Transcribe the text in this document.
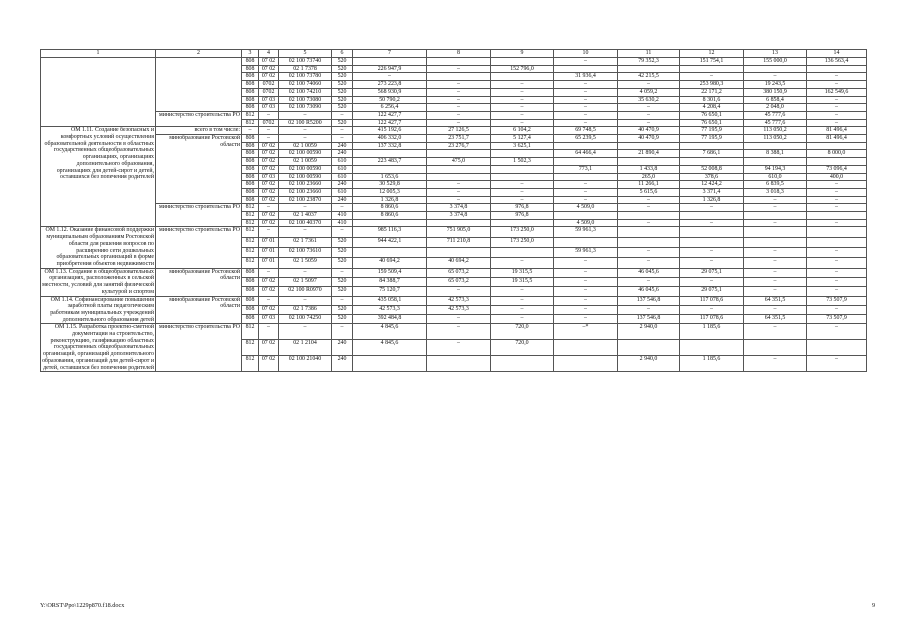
1	2	3	4	5	6	7	8	9	10	11	12	13	14
		808	07 02	02 100 73740	520				–	79 352,3	151 754,1	155 000,0	136 563,4
		808	07 02	02 1 7378	520	226 947,9	–	152 796,0					
		808	07 02	02 100 73780	520	–			31 936,4	42 215,5	–	–	–
		808	0702	02 100 74060	520	273 223,8	–	–	–	–	253 980,3	19 243,5	–
		808	0702	02 100 74210	520	568 930,9	–	–	–	4 059,2	22 171,2	380 150,9	162 549,6
		808	07 03	02 100 73080	520	50 790,2	–	–	–	35 630,2	8 301,6	6 858,4	–
		808	07 03	02 100 73090	520	6 256,4	–	–	–	–	4 208,4	2 048,0	–
	министерство строительства РО	812	–	–	–	122 427,7	–	–	–	–	76 650,1	45 777,6	–
		812	0702	02 100 R5200	520	122 427,7	–	–	–	–	76 650,1	45 777,6	–
ОМ 1.11. Создание безопасных и комфортных условий осуществления образовательной деятельности в областных государственных общеобразовательных организациях, организациях дополнительного образования, организациях для детей-сирот и детей, оставшихся без попечения родителей	всего в том числе:	–	–	–	–	415 192,6	27 126,5	6 104,2	69 748,5	40 470,9	77 195,9	113 050,2	81 496,4
	минобразование Ростовской области	808	–	–	–	406 332,0	23 751,7	5 127,4	65 239,5	40 470,9	77 195,9	113 050,2	81 496,4
		808	07 02	02 1 0059	240	137 332,8	23 276,7	3 625,1					
		808	07 02	02 100 00590	240				64 466,4	21 890,4	7 686,1	8 388,1	8 000,0
		808	07 02	02 1 0059	610	223 483,7	475,0	1 502,3					
		808	07 02	02 100 00590	610				773,1	1 433,8	52 008,8	94 194,3	73 096,4
		808	07 03	02 100 00590	610	1 653,6				265,0	378,6	610,0	400,0
		808	07 02	02 100 23660	240	30 529,8	–	–	–	11 266,1	12 424,2	6 839,5	–
		808	07 02	02 100 23660	610	12 005,3	–	–	–	5 615,6	3 371,4	3 018,3	–
		808	07 02	02 100 23870	240	1 326,8	–	–	–	–	1 326,8	–	–
	министерство строительства РО	812	–	–	–	8 860,6	3 374,8	976,8	4 509,0	–	–	–	–
		812	07 02	02 1 4037	410	8 860,6	3 374,8	976,8					
		812	07 02	02 100 40370	410				4 509,0	–	–	–	–
ОМ 1.12. Оказание финансовой поддержки муниципальным образованиям Ростовской области для решения вопросов по расширению сети дошкольных образовательных организаций в форме приобретения объектов недвижимости	министерство строительства РО	812	–	–	–	985 116,3	751 905,0	173 250,0	59 961,3				
		812	07 01	02 1 7361	520	944 422,1	711 210,8	173 250,0					
		812	07 01	02 100 73610	520				59 961,3	–	–	–	–
		812	07 01	02 1 5059	520	40 694,2	40 694,2	–	–	–	–	–	–
ОМ 1.13. Создание в общеобразовательных организациях, расположенных в сельской местности, условий для занятий физической культурой и спортом	минобразование Ростовской области	808	–	–	–	159 509,4	65 073,2	19 315,5	–	46 045,6	29 075,1	–	–
		808	07 02	02 1 5097	520	84 388,7	65 073,2	19 315,5	–	–	–	–	–
		808	07 02	02 100 R0970	520	75 120,7	–	–	–	46 045,6	29 075,1	–	–
ОМ 1.14. Софинансирование повышения заработной платы педагогическим работникам муниципальных учреждений дополнительного образования детей	минобразование Ростовской области	808	–	–	–	435 058,1	42 573,3	–	–	137 546,8	117 078,6	64 351,5	73 507,9
		808	07 02	02 1 7386	520	42 573,3	42 573,3	–	–	–	–	–	–
		808	07 03	02 100 74250	520	392 484,8	–	–	–	137 546,8	117 078,6	64 351,5	73 507,9
ОМ 1.15. Разработка проектно-сметной документации на строительство, реконструкцию, газификацию областных государственных общеобразовательных организаций, организаций дополнительного образования, организаций для детей-сирот и детей, оставшихся без попечения родителей	министерство строительства РО	812	–	–	–	4 845,6	–	720,0	–*	2 940,0	1 185,6	–	–
		812	07 02	02 1 2104	240	4 845,6	–	720,0					
		812	07 02	02 100 21040	240					2 940,0	1 185,6	–	–
Y:\ORST\Ppo\1229p870.f18.docx	9
